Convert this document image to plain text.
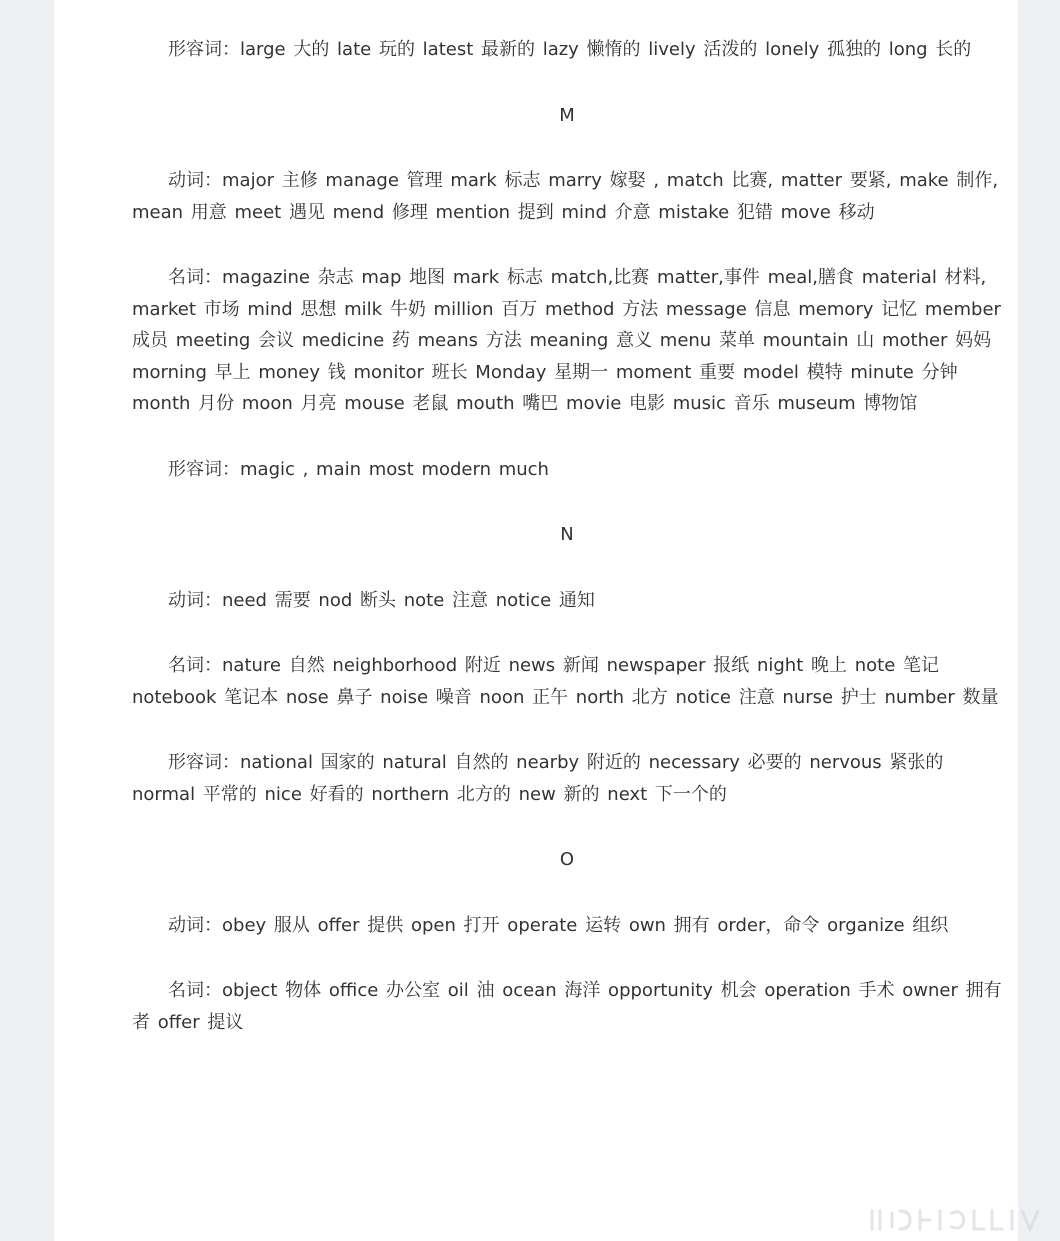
形容词：large 大的 late 玩的 latest 最新的 lazy 懒惰的 lively 活泼的 lonely 孤独的 long 长的

M

动词：major 主修 manage 管理 mark 标志 marry 嫁娶 , match 比赛, matter 要紧, make 制作, mean 用意 meet 遇见 mend 修理 mention 提到 mind 介意 mistake 犯错 move 移动

名词：magazine 杂志 map 地图 mark 标志 match,比赛 matter,事件 meal,膳食 material 材料, market 市场 mind 思想 milk 牛奶 million 百万 method 方法 message 信息 memory 记忆 member 成员 meeting 会议 medicine 药 means 方法 meaning 意义 menu 菜单 mountain 山 mother 妈妈 morning 早上 money 钱 monitor 班长 Monday 星期一 moment 重要 model 模特 minute 分钟 month 月份 moon 月亮 mouse 老鼠 mouth 嘴巴 movie 电影 music 音乐 museum 博物馆

形容词：magic , main most modern much

N

动词：need 需要 nod 断头 note 注意 notice 通知

名词：nature 自然 neighborhood 附近 news 新闻 newspaper 报纸 night 晚上 note 笔记 notebook 笔记本 nose 鼻子 noise 噪音 noon 正午 north 北方 notice 注意 nurse 护士 number 数量

形容词：national 国家的 natural 自然的 nearby 附近的 necessary 必要的 nervous 紧张的 normal 平常的 nice 好看的 northern 北方的 new 新的 next 下一个的

O

动词：obey 服从 offer 提供 open 打开 operate 运转 own 拥有 order，命令 organize 组织

名词：object 物体 office 办公室 oil 油 ocean 海洋 opportunity 机会 operation 手术 owner 拥有者 offer 提议
